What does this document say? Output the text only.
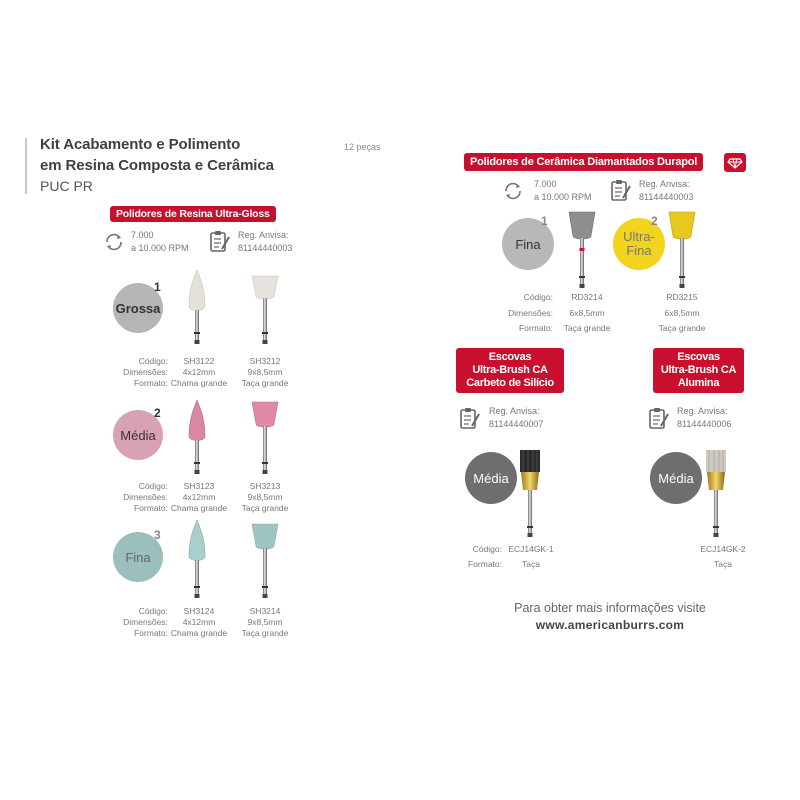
Kit Acabamento e Polimento
em Resina Composta e Cerâmica
PUC PR
12 peças
Polidores de Resina Ultra-Gloss
7.000
a 10.000 RPM
Reg. Anvisa:
81144440003
Grossa
1
Código:
Dimensões:
Formato:
SH3122
4x12mm
Chama grande
SH3212
9x8,5mm
Taça grande
Média
2
Código:
Dimensões:
Formato:
SH3123
4x12mm
Chama grande
SH3213
9x8,5mm
Taça grande
Fina
3
Código:
Dimensões:
Formato:
SH3124
4x12mm
Chama grande
SH3214
9x8,5mm
Taça grande
Polidores de Cerâmica Diamantados Durapol
7.000
a 10.000 RPM
Reg. Anvisa:
81144440003
Fina
1
Ultra-
Fina
2
Código:
Dimensões:
Formato:
RD3214
6x8,5mm
Taça grande
RD3215
6x8,5mm
Taça grande
Escovas
Ultra-Brush CA
Carbeto de Silício
Reg. Anvisa:
81144440007
Média
Código:
Formato:
ECJ14GK-1
Taça
Escovas
Ultra-Brush CA
Alumina
Reg. Anvisa:
81144440006
Média
ECJ14GK-2
Taça
Para obter mais informações visite
www.americanburrs.com
